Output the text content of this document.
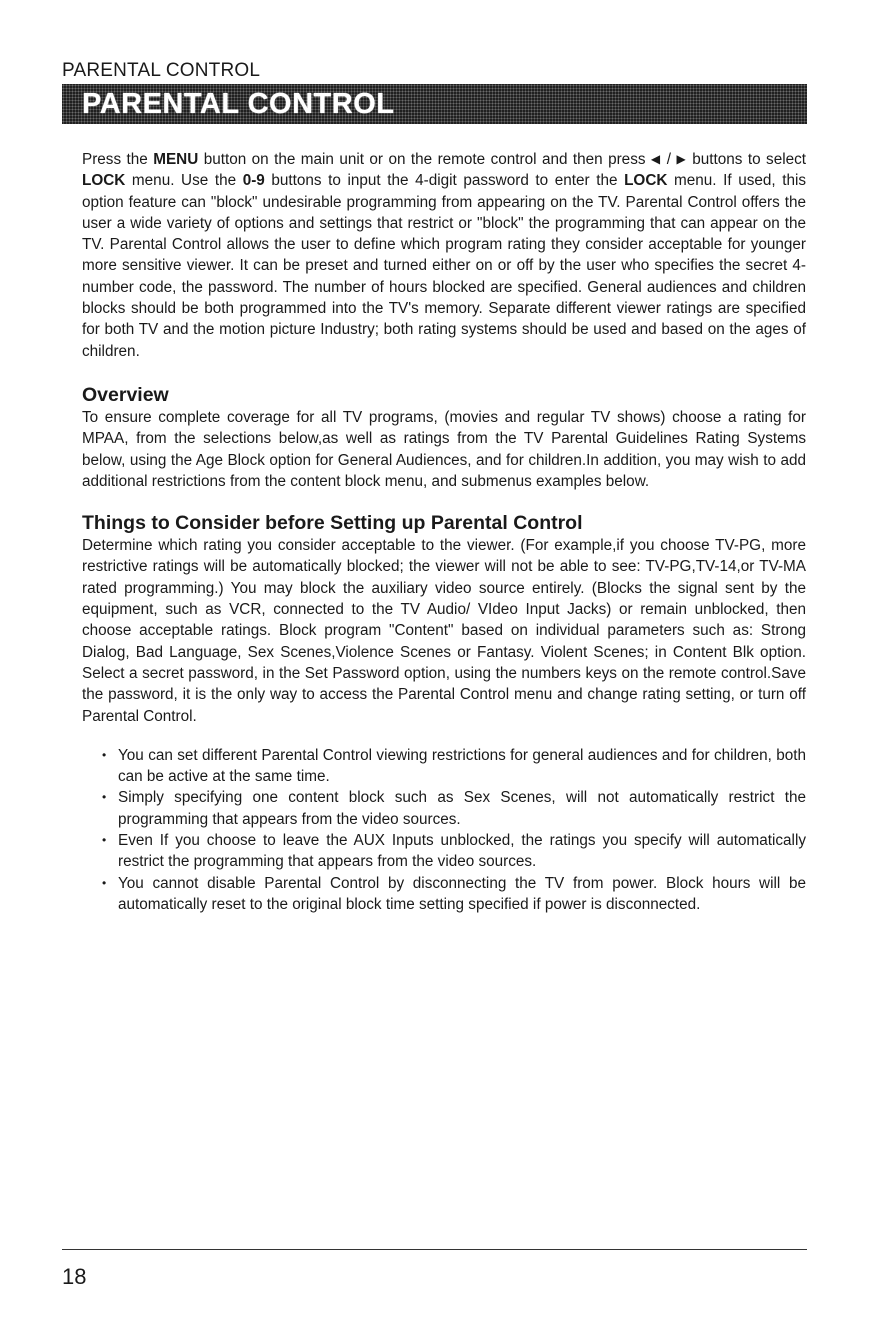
PARENTAL CONTROL
PARENTAL CONTROL

Press the MENU button on the main unit or on the remote control and then press ◀ / ▶ buttons to select LOCK menu. Use the 0-9 buttons to input the 4-digit password to enter the LOCK menu. If used, this option feature can "block" undesirable programming from appearing on the TV. Parental Control offers the user a wide variety of options and settings that restrict or "block" the programming that can appear on the TV. Parental Control allows the user to define which program rating they consider acceptable for younger more sensitive viewer. It can be preset and turned either on or off by the user who specifies the secret 4-number code, the password. The number of hours blocked are specified. General audiences and children blocks should be both programmed into the TV's memory. Separate different viewer ratings are specified for both TV and the motion picture Industry; both rating systems should be used and based on the ages of children.

Overview

To ensure complete coverage for all TV programs, (movies and regular TV shows) choose a rating for MPAA, from the selections below,as well as ratings from the TV Parental Guidelines Rating Systems below, using the Age Block option for General Audiences, and for children.In addition, you may wish to add additional restrictions from the content block menu, and submenus examples below.

Things to Consider before Setting up Parental Control

Determine which rating you consider acceptable to the viewer. (For example,if you choose TV-PG, more restrictive ratings will be automatically blocked; the viewer will not be able to see: TV-PG,TV-14,or TV-MA rated programming.) You may block the auxiliary video source entirely. (Blocks the signal sent by the equipment, such as VCR, connected to the TV Audio/ VIdeo Input Jacks) or remain unblocked, then choose acceptable ratings. Block program "Content" based on individual parameters such as: Strong Dialog, Bad Language, Sex Scenes,Violence Scenes or Fantasy. Violent Scenes; in Content Blk option. Select a secret password, in the Set Password option, using the numbers keys on the remote control.Save the password, it is the only way to access the Parental Control menu and change rating setting, or turn off Parental Control.

• You can set different Parental Control viewing restrictions for general audiences and for children, both can be active at the same time.
• Simply specifying one content block such as Sex Scenes, will not automatically restrict the programming that appears from the video sources.
• Even If you choose to leave the AUX Inputs unblocked, the ratings you specify will automatically restrict the programming that appears from the video sources.
• You cannot disable Parental Control by disconnecting the TV from power. Block hours will be automatically reset to the original block time setting specified if power is disconnected.
18
